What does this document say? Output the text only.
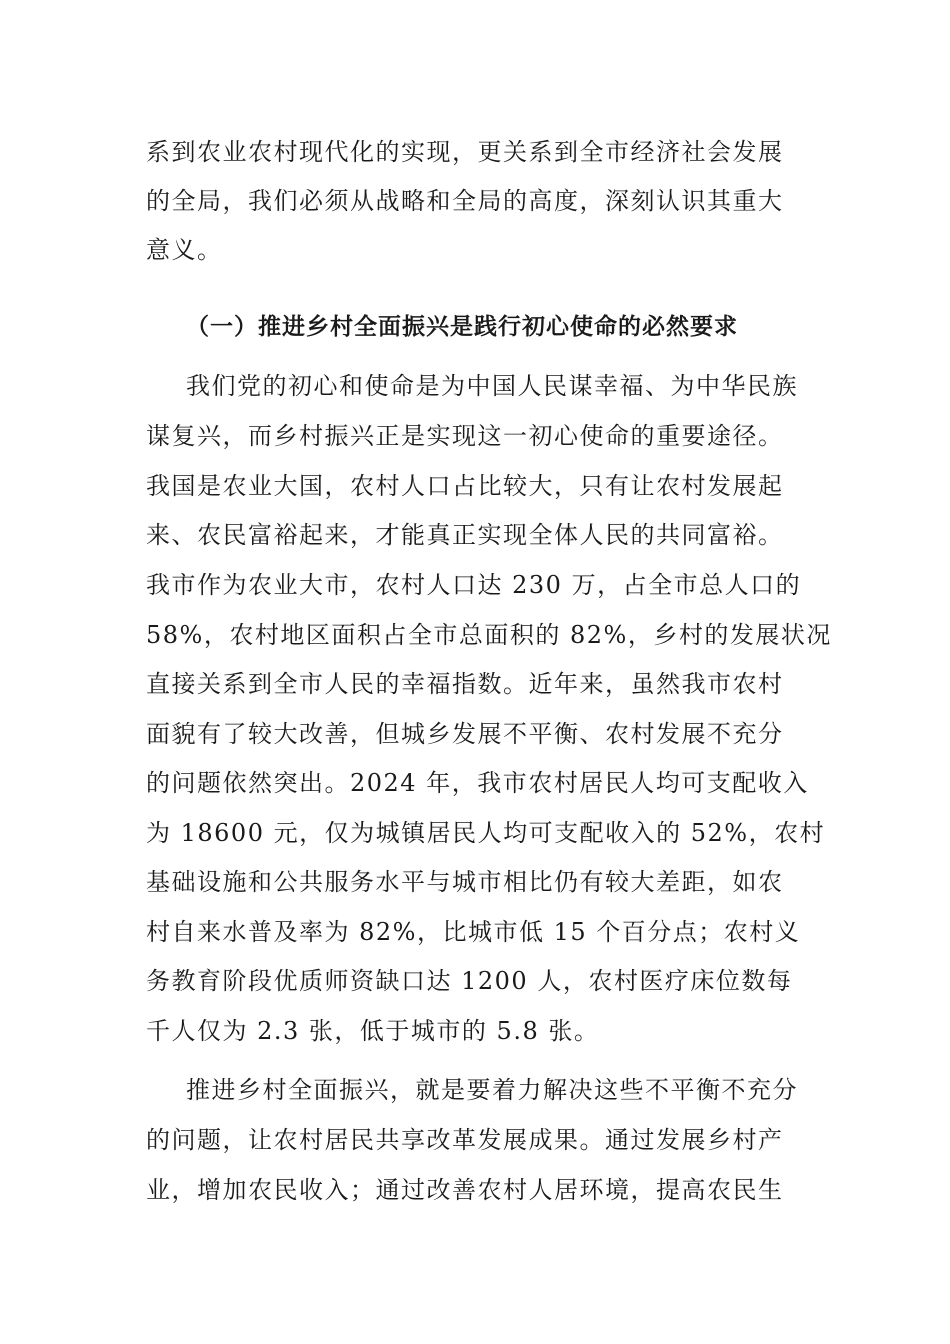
系到农业农村现代化的实现，更关系到全市经济社会发展
的全局，我们必须从战略和全局的高度，深刻认识其重大
意义。
（一）推进乡村全面振兴是践行初心使命的必然要求
我们党的初心和使命是为中国人民谋幸福、为中华民族
谋复兴，而乡村振兴正是实现这一初心使命的重要途径。
我国是农业大国，农村人口占比较大，只有让农村发展起
来、农民富裕起来，才能真正实现全体人民的共同富裕。
我市作为农业大市，农村人口达 230 万，占全市总人口的
58%，农村地区面积占全市总面积的 82%，乡村的发展状况
直接关系到全市人民的幸福指数。近年来，虽然我市农村
面貌有了较大改善，但城乡发展不平衡、农村发展不充分
的问题依然突出。2024 年，我市农村居民人均可支配收入
为 18600 元，仅为城镇居民人均可支配收入的 52%，农村
基础设施和公共服务水平与城市相比仍有较大差距，如农
村自来水普及率为 82%，比城市低 15 个百分点；农村义
务教育阶段优质师资缺口达 1200 人，农村医疗床位数每
千人仅为 2.3 张，低于城市的 5.8 张。
推进乡村全面振兴，就是要着力解决这些不平衡不充分
的问题，让农村居民共享改革发展成果。通过发展乡村产
业，增加农民收入；通过改善农村人居环境，提高农民生
